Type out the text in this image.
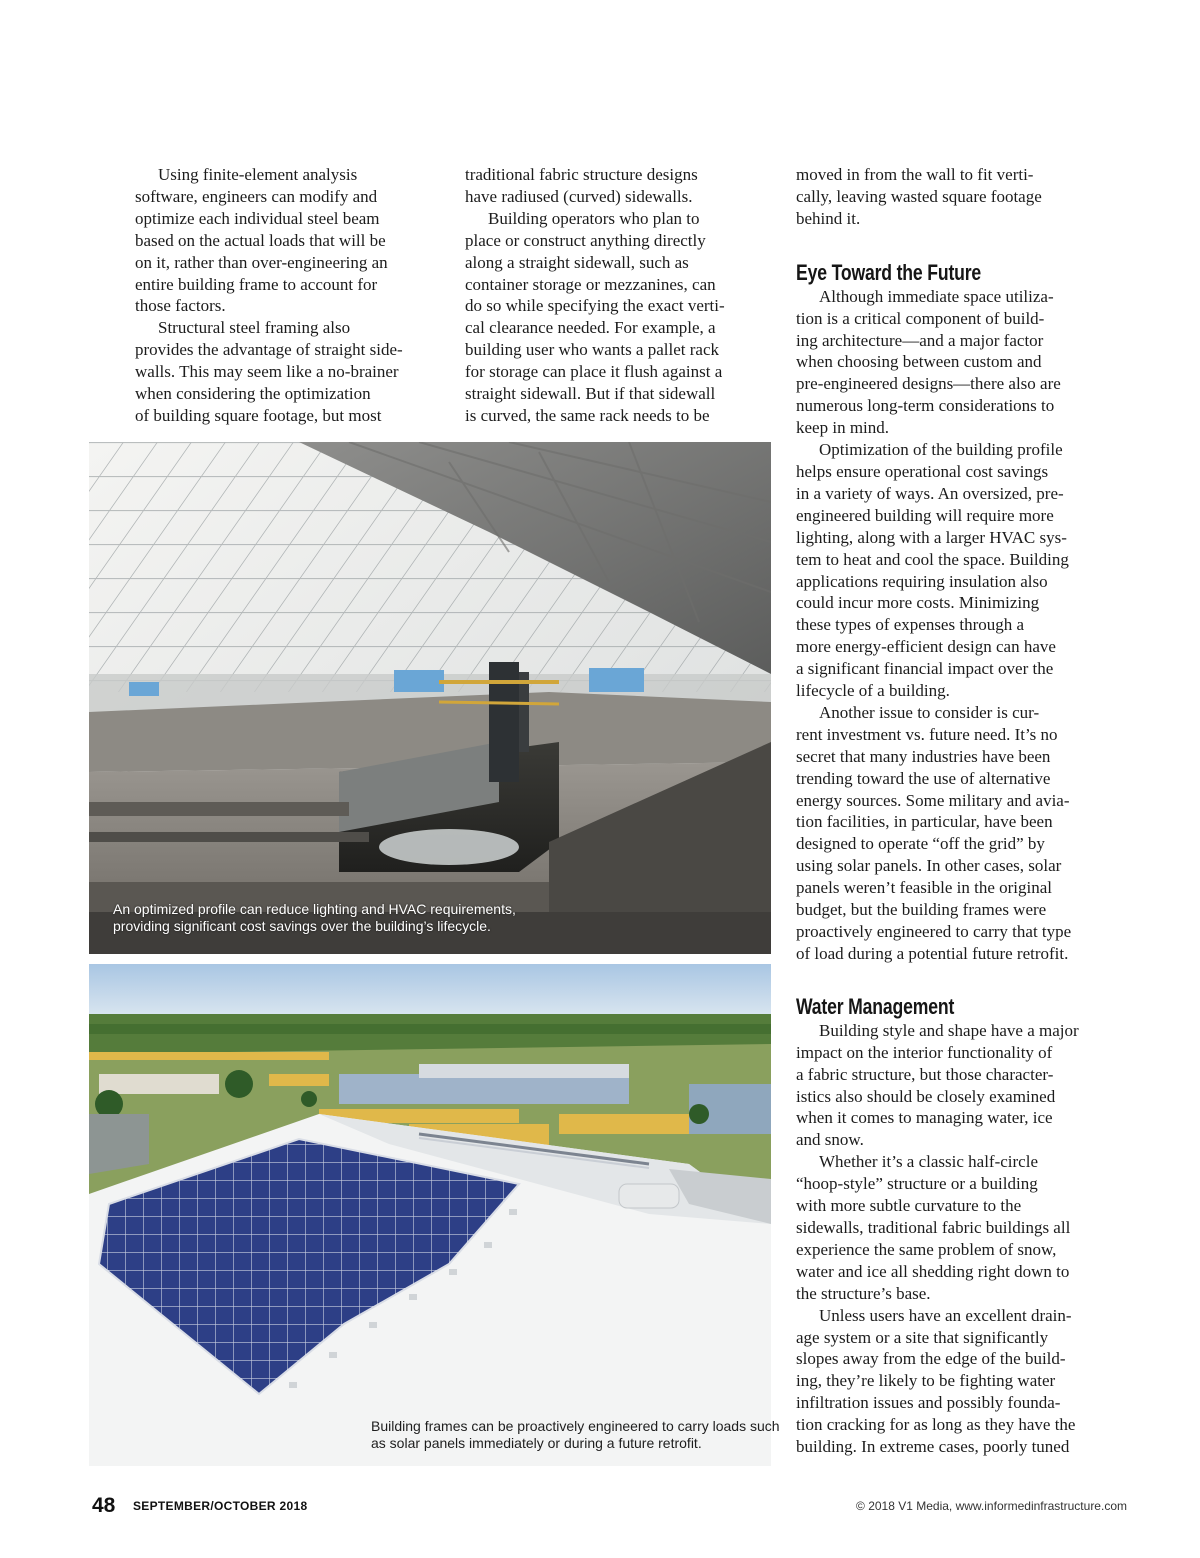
Using finite-element analysis
software, engineers can modify and
optimize each individual steel beam
based on the actual loads that will be
on it, rather than over-engineering an
entire building frame to account for
those factors.

Structural steel framing also
provides the advantage of straight side-
walls. This may seem like a no-brainer
when considering the optimization
of building square footage, but most

traditional fabric structure designs
have radiused (curved) sidewalls.

Building operators who plan to
place or construct anything directly
along a straight sidewall, such as
container storage or mezzanines, can
do so while specifying the exact verti-
cal clearance needed. For example, a
building user who wants a pallet rack
for storage can place it flush against a
straight sidewall. But if that sidewall
is curved, the same rack needs to be

moved in from the wall to fit verti-
cally, leaving wasted square footage
behind it.

Eye Toward the Future

Although immediate space utiliza-
tion is a critical component of build-
ing architecture—and a major factor
when choosing between custom and
pre-engineered designs—there also are
numerous long-term considerations to
keep in mind.

Optimization of the building profile
helps ensure operational cost savings
in a variety of ways. An oversized, pre-
engineered building will require more
lighting, along with a larger HVAC sys-
tem to heat and cool the space. Building
applications requiring insulation also
could incur more costs. Minimizing
these types of expenses through a
more energy-efficient design can have
a significant financial impact over the
lifecycle of a building.

Another issue to consider is cur-
rent investment vs. future need. It’s no
secret that many industries have been
trending toward the use of alternative
energy sources. Some military and avia-
tion facilities, in particular, have been
designed to operate “off the grid” by
using solar panels. In other cases, solar
panels weren’t feasible in the original
budget, but the building frames were
proactively engineered to carry that type
of load during a potential future retrofit.

Water Management

Building style and shape have a major
impact on the interior functionality of
a fabric structure, but those character-
istics also should be closely examined
when it comes to managing water, ice
and snow.

Whether it’s a classic half-circle
“hoop-style” structure or a building
with more subtle curvature to the
sidewalls, traditional fabric buildings all
experience the same problem of snow,
water and ice all shedding right down to
the structure’s base.

Unless users have an excellent drain-
age system or a site that significantly
slopes away from the edge of the build-
ing, they’re likely to be fighting water
infiltration issues and possibly founda-
tion cracking for as long as they have the
building. In extreme cases, poorly tuned

An optimized profile can reduce lighting and HVAC requirements,
providing significant cost savings over the building’s lifecycle.
Building frames can be proactively engineered to carry loads such
as solar panels immediately or during a future retrofit.
48 SEPTEMBER/OCTOBER 2018	© 2018 V1 Media, www.informedinfrastructure.com
